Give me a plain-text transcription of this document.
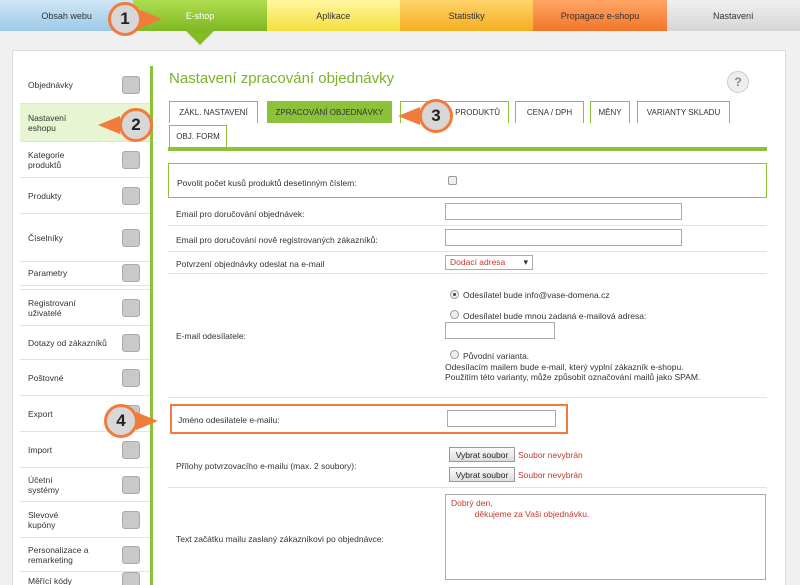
Obsah webu	E-shop	Aplikace	Statistiky	Propagace e-shopu	Nastavení
Objednávky
Nastavení
eshopu
Kategorie
produktů
Produkty
Číselníky
Parametry
Registrovaní
uživatelé
Dotazy od zákazníků
Poštovné
Export
Import
Účetní
systémy
Slevové
kupóny
Personalizace a
remarketing
Měřící kódy
Nastavení zpracování objednávky	?
ZÁKL. NASTAVENÍ	ZPRACOVÁNÍ OBJEDNÁVKY	PRODUKTŮ	CENA / DPH	MĚNY	VARIANTY SKLADU
OBJ. FORM
Povolit počet kusů produktů desetinným číslem:
Email pro doručování objednávek:
Email pro doručování nově registrovaných zákazníků:
Potvrzení objednávky odeslat na e-mail	Dodací adresa ▾
E-mail odesílatele:
Odesílatel bude info@vase-domena.cz
Odesílatel bude mnou zadaná e-mailová adresa:
Původní varianta.
Odesílacím mailem bude e-mail, který vyplní zákazník e-shopu.
Použitím této varianty, může způsobit označování mailů jako SPAM.
Jméno odesílatele e-mailu:
Přílohy potvrzovacího e-mailu (max. 2 soubory):
Vybrat soubor	Soubor nevybrán
Vybrat soubor	Soubor nevybrán
Text začátku mailu zaslaný zákazníkovi po objednávce:
Dobrý den,
děkujeme za Vaši objednávku.
1
2	3
4
